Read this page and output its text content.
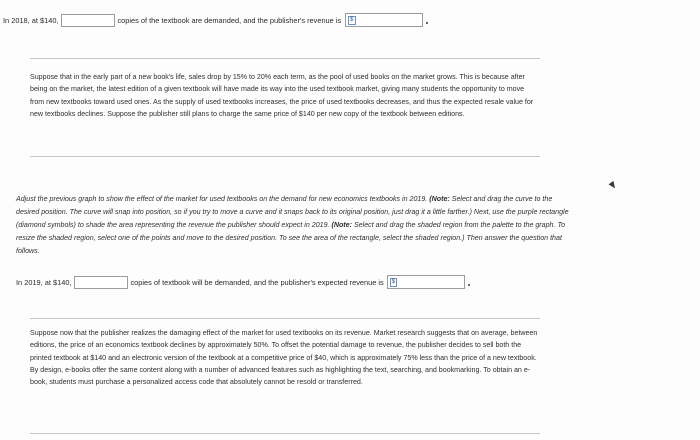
In 2018, at $140,	copies of the textbook are demanded, and the publisher's revenue is	$

Suppose that in the early part of a new book's life, sales drop by 15% to 20% each term, as the pool of used books on the market grows. This is because after being on the market, the latest edition of a given textbook will have made its way into the used textbook market, giving many students the opportunity to move from new textbooks toward used ones. As the supply of used textbooks increases, the price of used textbooks decreases, and thus the expected resale value for new textbooks declines. Suppose the publisher still plans to charge the same price of $140 per new copy of the textbook between editions.

Adjust the previous graph to show the effect of the market for used textbooks on the demand for new economics textbooks in 2019. (Note: Select and drag the curve to the desired position. The curve will snap into position, so if you try to move a curve and it snaps back to its original position, just drag it a little farther.) Next, use the purple rectangle (diamond symbols) to shade the area representing the revenue the publisher should expect in 2019. (Note: Select and drag the shaded region from the palette to the graph. To resize the shaded region, select one of the points and move to the desired position. To see the area of the rectangle, select the shaded region.) Then answer the question that follows.

In 2019, at $140,	copies of textbook will be demanded, and the publisher's expected revenue is	$

Suppose now that the publisher realizes the damaging effect of the market for used textbooks on its revenue. Market research suggests that on average, between editions, the price of an economics textbook declines by approximately 50%. To offset the potential damage to revenue, the publisher decides to sell both the printed textbook at $140 and an electronic version of the textbook at a competitive price of $40, which is approximately 75% less than the price of a new textbook. By design, e-books offer the same content along with a number of advanced features such as highlighting the text, searching, and bookmarking. To obtain an e-book, students must purchase a personalized access code that absolutely cannot be resold or transferred.
